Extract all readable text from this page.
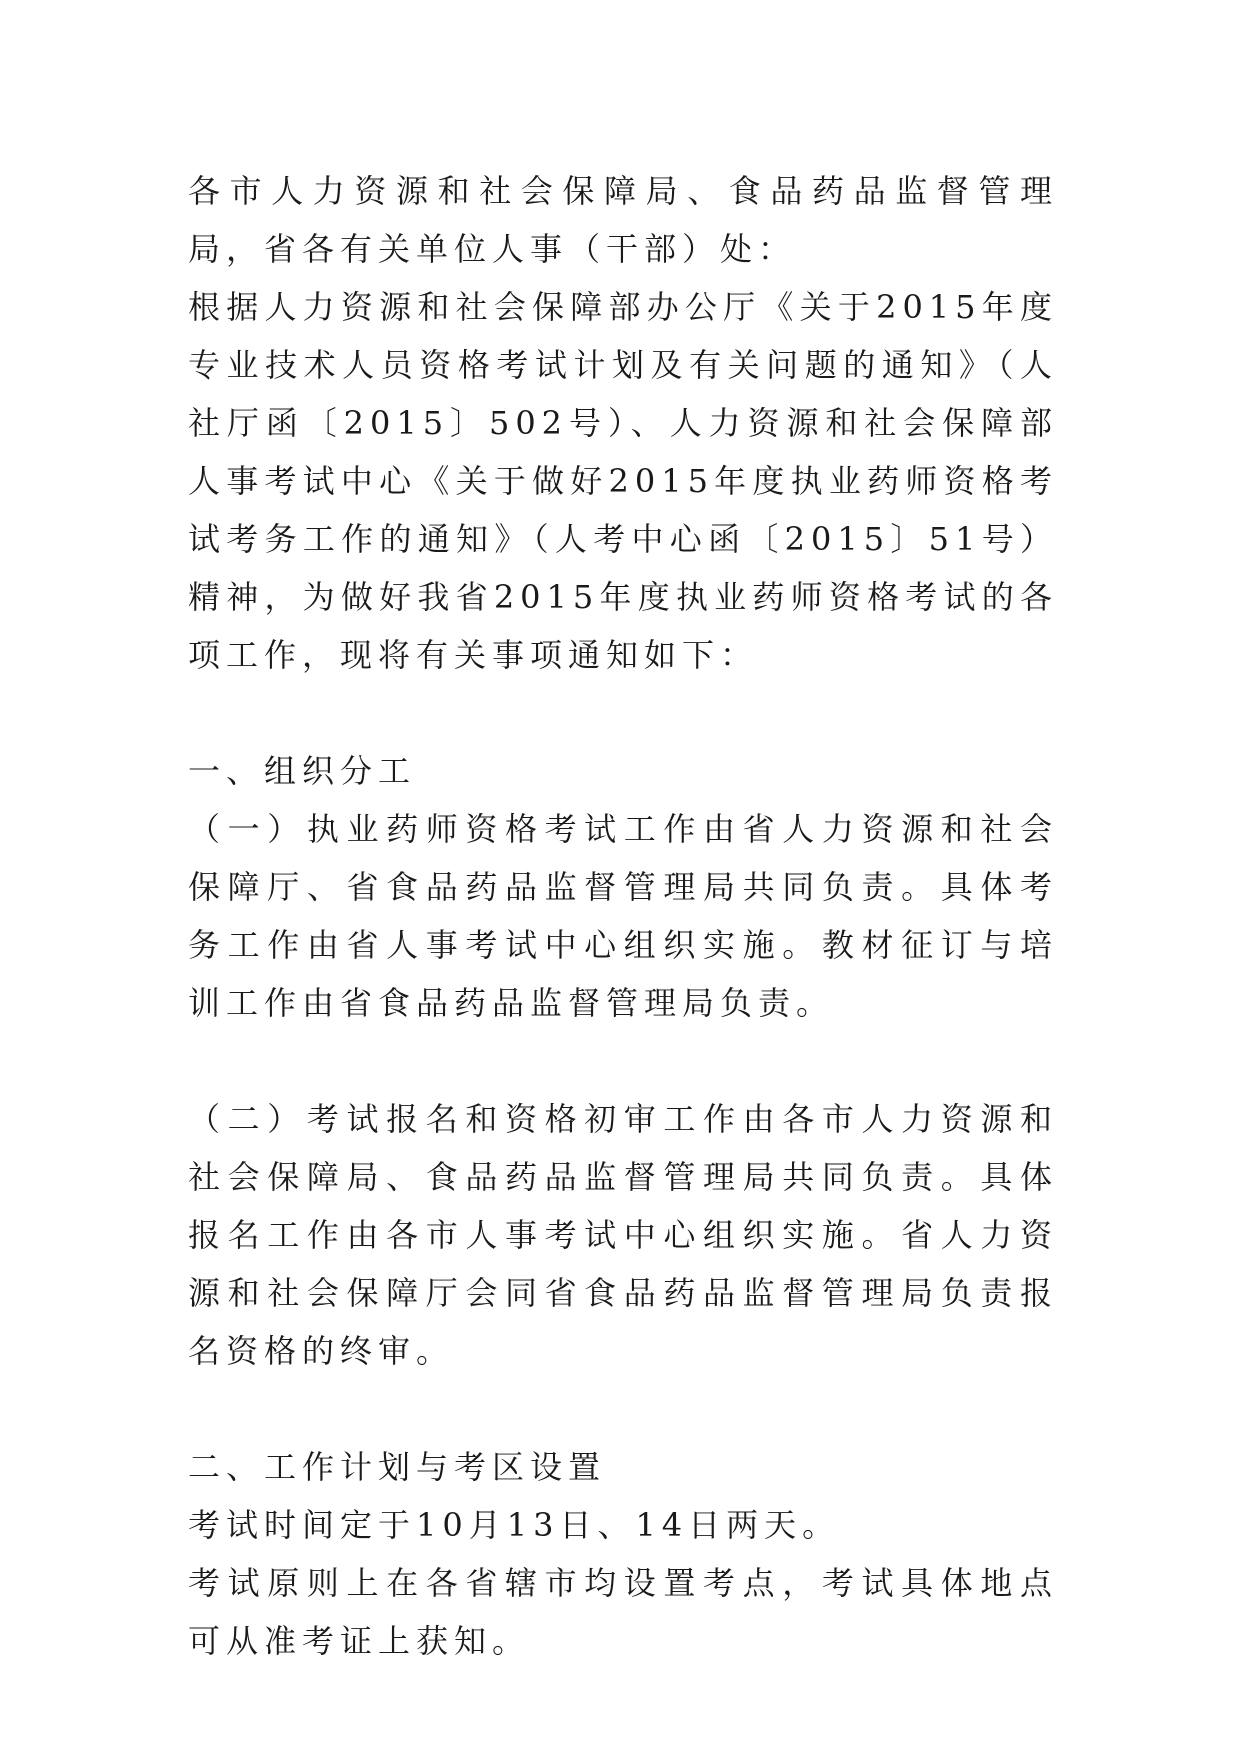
各市人力资源和社会保障局、食品药品监督管理局，省各有关单位人事（干部）处：

根据人力资源和社会保障部办公厅《关于2015年度专业技术人员资格考试计划及有关问题的通知》（人社厅函〔2015〕502号）、人力资源和社会保障部人事考试中心《关于做好2015年度执业药师资格考试考务工作的通知》（人考中心函〔2015〕51号）精神，为做好我省2015年度执业药师资格考试的各项工作，现将有关事项通知如下：

一、组织分工

（一）执业药师资格考试工作由省人力资源和社会保障厅、省食品药品监督管理局共同负责。具体考务工作由省人事考试中心组织实施。教材征订与培训工作由省食品药品监督管理局负责。

（二）考试报名和资格初审工作由各市人力资源和社会保障局、食品药品监督管理局共同负责。具体报名工作由各市人事考试中心组织实施。省人力资源和社会保障厅会同省食品药品监督管理局负责报名资格的终审。

二、工作计划与考区设置

考试时间定于10月13日、14日两天。

考试原则上在各省辖市均设置考点，考试具体地点可从准考证上获知。
